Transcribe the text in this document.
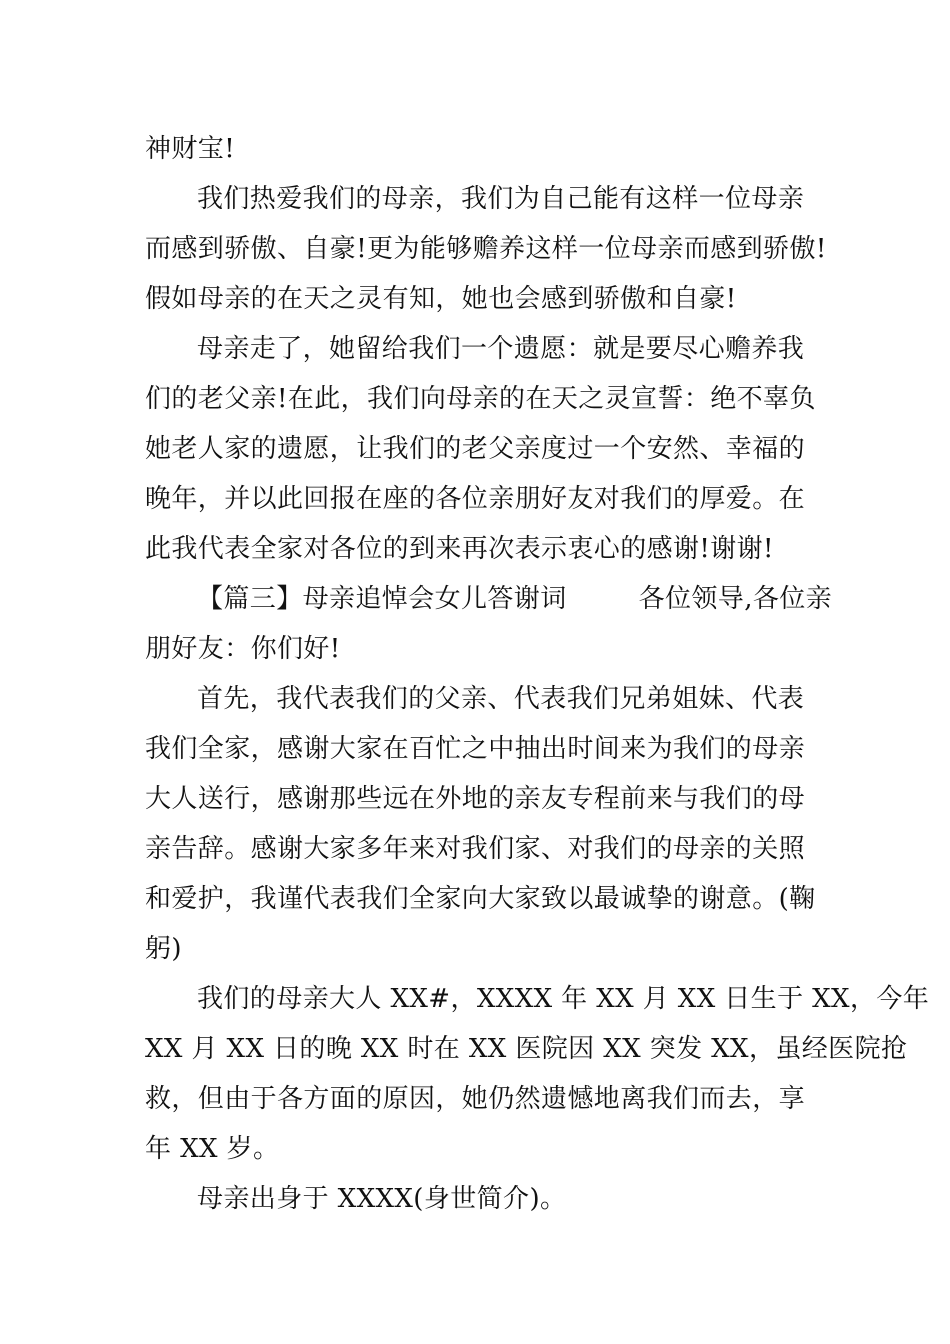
神财宝!
我们热爱我们的母亲，我们为自己能有这样一位母亲
而感到骄傲、自豪!更为能够赡养这样一位母亲而感到骄傲!
假如母亲的在天之灵有知，她也会感到骄傲和自豪!
母亲走了，她留给我们一个遗愿：就是要尽心赡养我
们的老父亲!在此，我们向母亲的在天之灵宣誓：绝不辜负
她老人家的遗愿，让我们的老父亲度过一个安然、幸福的
晚年，并以此回报在座的各位亲朋好友对我们的厚爱。在
此我代表全家对各位的到来再次表示衷心的感谢!谢谢!
【篇三】母亲追悼会女儿答谢词	各位领导,各位亲
朋好友：你们好!
首先，我代表我们的父亲、代表我们兄弟姐妹、代表
我们全家，感谢大家在百忙之中抽出时间来为我们的母亲
大人送行，感谢那些远在外地的亲友专程前来与我们的母
亲告辞。感谢大家多年来对我们家、对我们的母亲的关照
和爱护，我谨代表我们全家向大家致以最诚挚的谢意。(鞠
躬)
我们的母亲大人 XX#，XXXX 年 XX 月 XX 日生于 XX，今年
XX 月 XX 日的晚 XX 时在 XX 医院因 XX 突发 XX，虽经医院抢
救，但由于各方面的原因，她仍然遗憾地离我们而去，享
年 XX 岁。
母亲出身于 XXXX(身世简介)。
